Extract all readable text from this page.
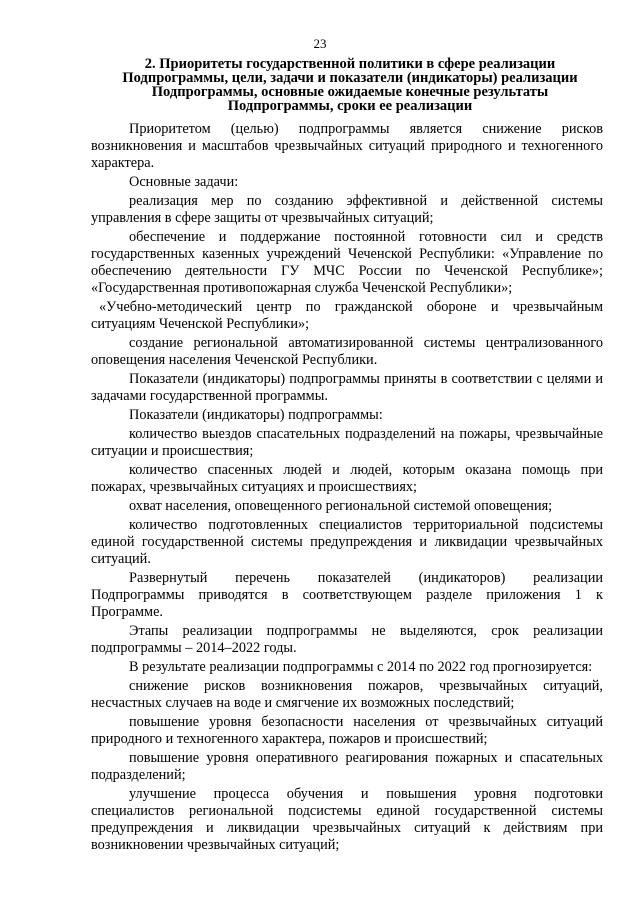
23
2. Приоритеты государственной политики в сфере реализации
Подпрограммы, цели, задачи и показатели (индикаторы) реализации
Подпрограммы, основные ожидаемые конечные результаты
Подпрограммы, сроки ее реализации

Приоритетом (целью) подпрограммы является снижение рисков возникновения и масштабов чрезвычайных ситуаций природного и техногенного характера.

Основные задачи:

реализация мер по созданию эффективной и действенной системы управления в сфере защиты от чрезвычайных ситуаций;

обеспечение и поддержание постоянной готовности сил и средств государственных казенных учреждений Чеченской Республики: «Управление по обеспечению деятельности ГУ МЧС России по Чеченской Республике»; «Государственная противопожарная служба Чеченской Республики»;

«Учебно-методический центр по гражданской обороне и чрезвычайным ситуациям Чеченской Республики»;

создание региональной автоматизированной системы централизованного оповещения населения Чеченской Республики.

Показатели (индикаторы) подпрограммы приняты в соответствии с целями и задачами государственной программы.

Показатели (индикаторы) подпрограммы:

количество выездов спасательных подразделений на пожары, чрезвычайные ситуации и происшествия;

количество спасенных людей и людей, которым оказана помощь при пожарах, чрезвычайных ситуациях и происшествиях;

охват населения, оповещенного региональной системой оповещения;

количество подготовленных специалистов территориальной подсистемы единой государственной системы предупреждения и ликвидации чрезвычайных ситуаций.

Развернутый перечень показателей (индикаторов) реализации Подпрограммы приводятся в соответствующем разделе приложения 1 к Программе.

Этапы реализации подпрограммы не выделяются, срок реализации подпрограммы – 2014–2022 годы.

В результате реализации подпрограммы с 2014 по 2022 год прогнозируется:

снижение рисков возникновения пожаров, чрезвычайных ситуаций, несчастных случаев на воде и смягчение их возможных последствий;

повышение уровня безопасности населения от чрезвычайных ситуаций природного и техногенного характера, пожаров и происшествий;

повышение уровня оперативного реагирования пожарных и спасательных подразделений;

улучшение процесса обучения и повышения уровня подготовки специалистов региональной подсистемы единой государственной системы предупреждения и ликвидации чрезвычайных ситуаций к действиям при возникновении чрезвычайных ситуаций;
